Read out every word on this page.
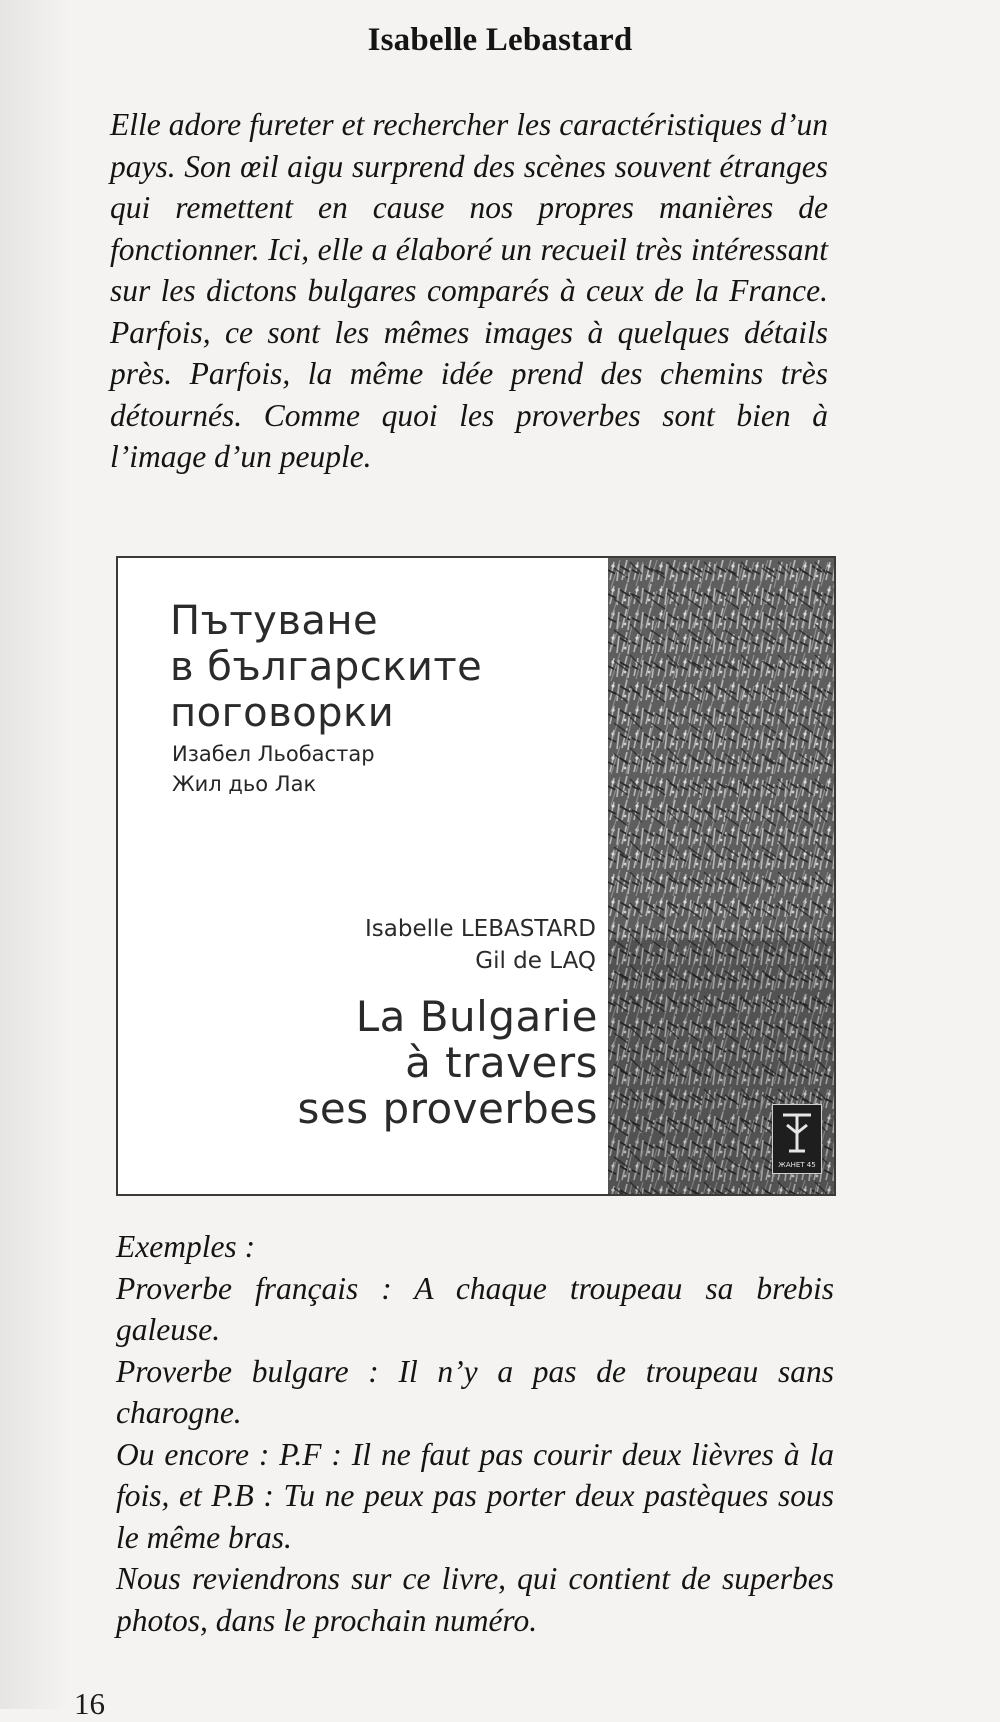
Isabelle Lebastard

Elle adore fureter et rechercher les caractéristiques d’un pays. Son œil aigu surprend des scènes souvent étranges qui remettent en cause nos propres manières de fonctionner. Ici, elle a élaboré un recueil très intéressant sur les dictons bulgares comparés à ceux de la France. Parfois, ce sont les mêmes images à quelques détails près. Parfois, la même idée prend des chemins très détournés. Comme quoi les proverbes sont bien à l’image d’un peuple.

Пътуване
в българските
поговорки
Изабел Льобастар
Жил дьо Лак
Isabelle LEBASTARD
Gil de LAQ
La Bulgarie
à travers
ses proverbes
ЖАНЕТ 45

Exemples :

Proverbe français : A chaque troupeau sa brebis galeuse.

Proverbe bulgare : Il n’y a pas de troupeau sans charogne.

Ou encore : P.F : Il ne faut pas courir deux lièvres à la fois, et P.B : Tu ne peux pas porter deux pastèques sous le même bras.

Nous reviendrons sur ce livre, qui contient de superbes photos, dans le prochain numéro.

16
